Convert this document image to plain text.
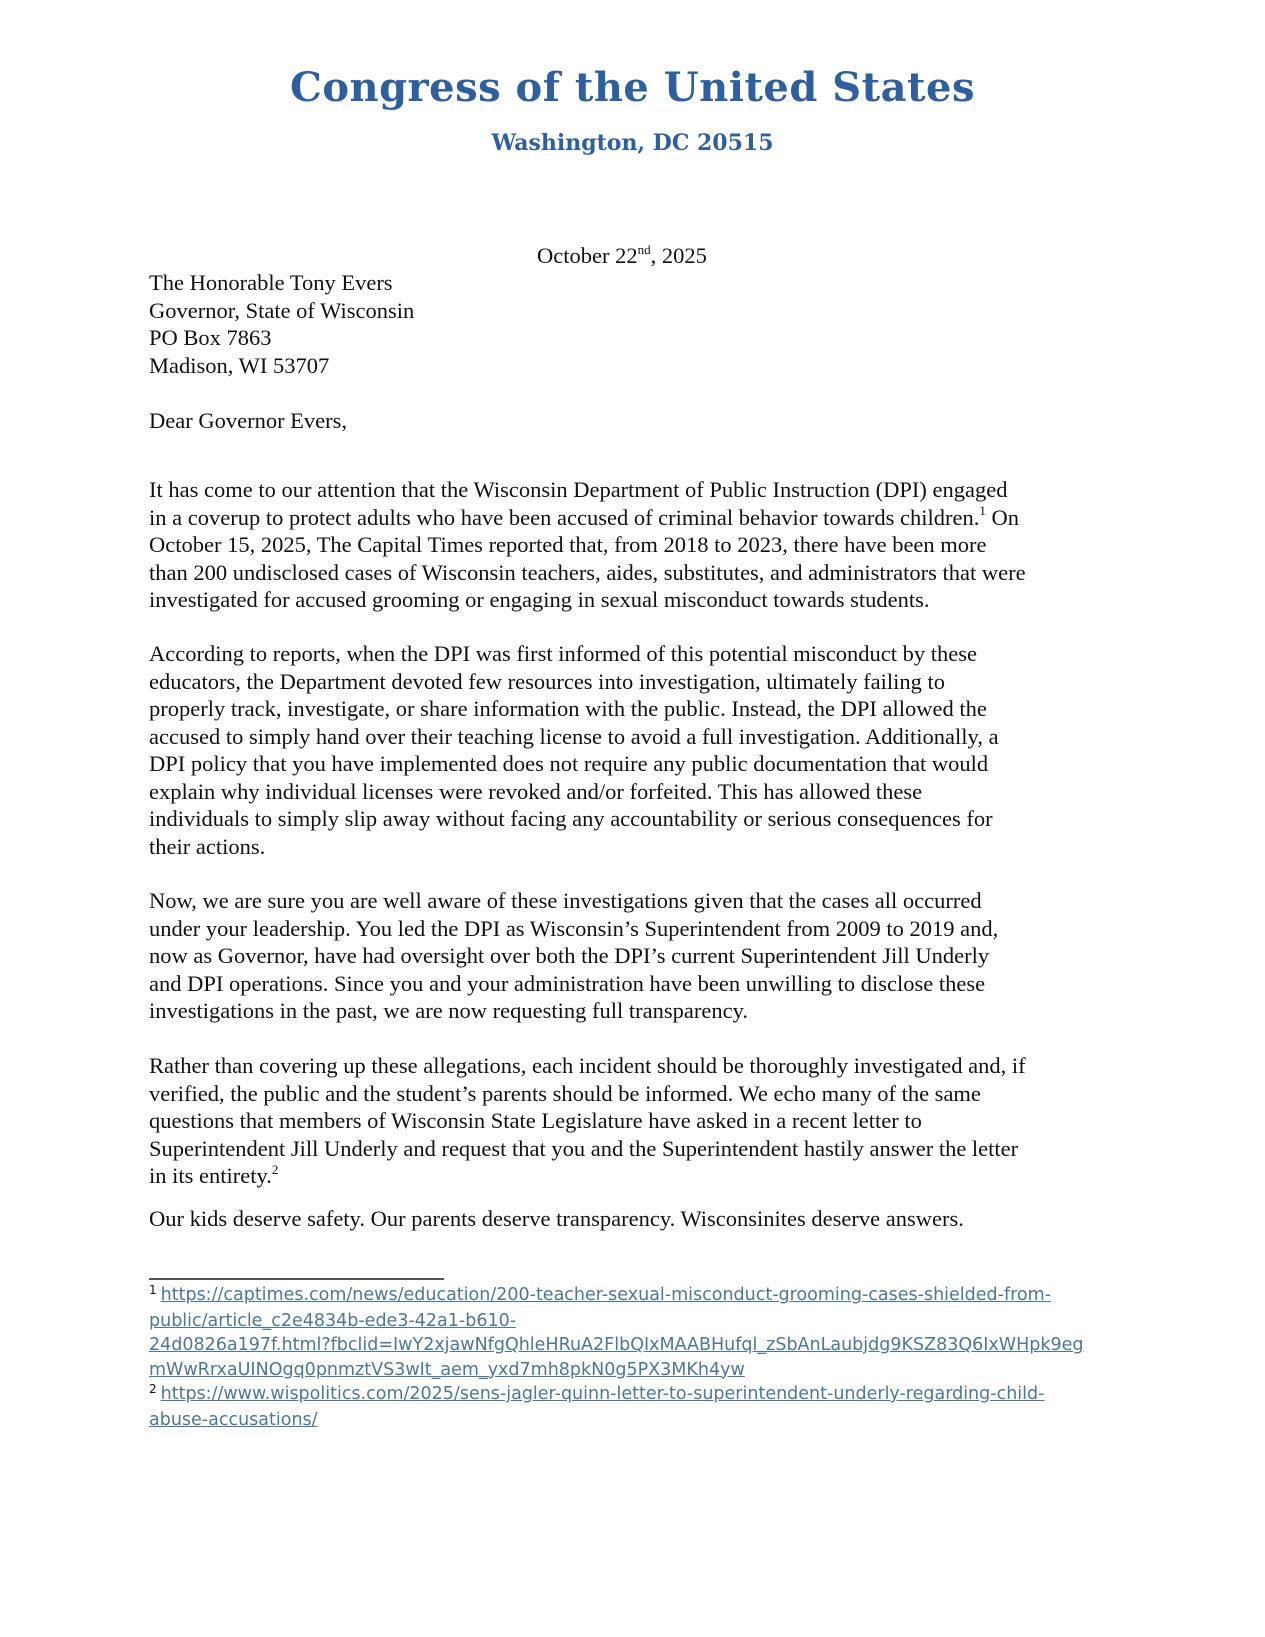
Congress of the United States
Washington, DC 20515
October 22nd, 2025
The Honorable Tony Evers
Governor, State of Wisconsin
PO Box 7863
Madison, WI 53707
Dear Governor Evers,
It has come to our attention that the Wisconsin Department of Public Instruction (DPI) engaged
in a coverup to protect adults who have been accused of criminal behavior towards children.$^1$ On
October 15, 2025, The Capital Times reported that, from 2018 to 2023, there have been more
than 200 undisclosed cases of Wisconsin teachers, aides, substitutes, and administrators that were
investigated for accused grooming or engaging in sexual misconduct towards students.
According to reports, when the DPI was first informed of this potential misconduct by these
educators, the Department devoted few resources into investigation, ultimately failing to
properly track, investigate, or share information with the public. Instead, the DPI allowed the
accused to simply hand over their teaching license to avoid a full investigation. Additionally, a
DPI policy that you have implemented does not require any public documentation that would
explain why individual licenses were revoked and/or forfeited. This has allowed these
individuals to simply slip away without facing any accountability or serious consequences for
their actions.
Now, we are sure you are well aware of these investigations given that the cases all occurred
under your leadership. You led the DPI as Wisconsin’s Superintendent from 2009 to 2019 and,
now as Governor, have had oversight over both the DPI’s current Superintendent Jill Underly
and DPI operations. Since you and your administration have been unwilling to disclose these
investigations in the past, we are now requesting full transparency.
Rather than covering up these allegations, each incident should be thoroughly investigated and, if
verified, the public and the student’s parents should be informed. We echo many of the same
questions that members of Wisconsin State Legislature have asked in a recent letter to
Superintendent Jill Underly and request that you and the Superintendent hastily answer the letter
in its entirety.$^2$
Our kids deserve safety. Our parents deserve transparency. Wisconsinites deserve answers.
$^1$ https://captimes.com/news/education/200-teacher-sexual-misconduct-grooming-cases-shielded-from-
public/article_c2e4834b-ede3-42a1-b610-
24d0826a197f.html?fbclid=IwY2xjawNfgQhleHRuA2FlbQIxMAABHufql_zSbAnLaubjdg9KSZ83Q6IxWHpk9eg
mWwRrxaUINOgq0pnmztVS3wIt_aem_yxd7mh8pkN0g5PX3MKh4yw
$^2$ https://www.wispolitics.com/2025/sens-jagler-quinn-letter-to-superintendent-underly-regarding-child-
abuse-accusations/
